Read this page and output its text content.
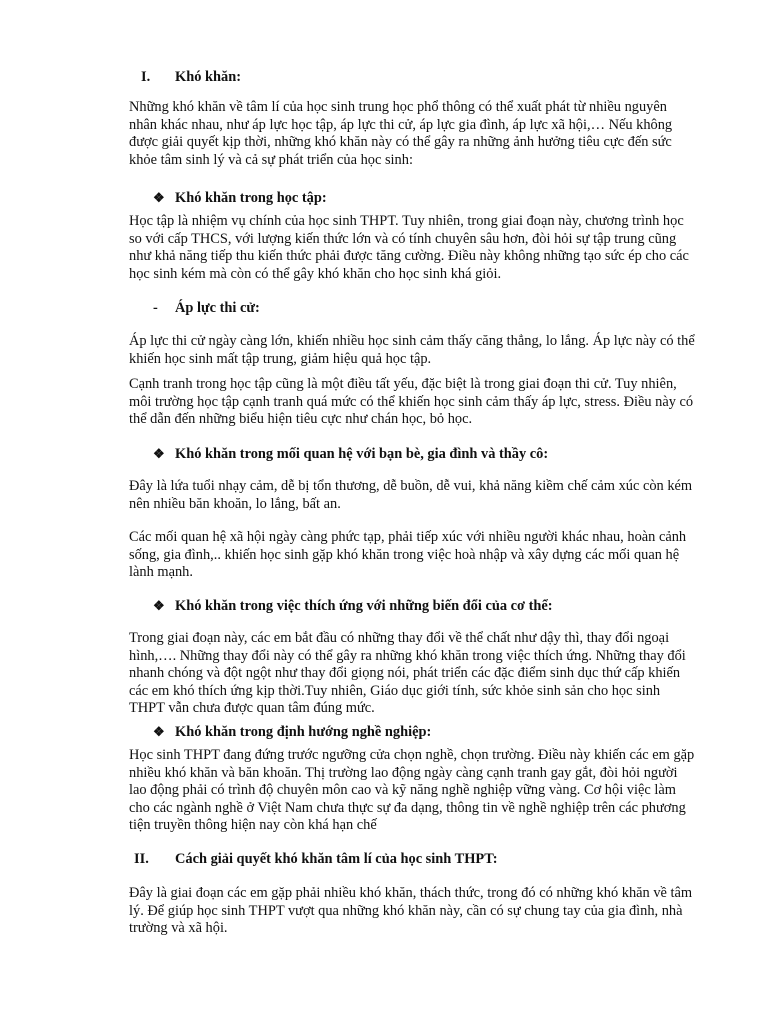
I. Khó khăn:

Những khó khăn về tâm lí của học sinh trung học phổ thông có thể xuất phát từ nhiều nguyên nhân khác nhau, như áp lực học tập, áp lực thi cử, áp lực gia đình, áp lực xã hội,… Nếu không được giải quyết kịp thời, những khó khăn này có thể gây ra những ảnh hưởng tiêu cực đến sức khỏe tâm sinh lý và cả sự phát triển của học sinh:

❖ Khó khăn trong học tập:

Học tập là nhiệm vụ chính của học sinh THPT. Tuy nhiên, trong giai đoạn này, chương trình học so với cấp THCS, với lượng kiến thức lớn và có tính chuyên sâu hơn, đòi hỏi sự tập trung cũng như khả năng tiếp thu kiến thức phải được tăng cường. Điều này không những tạo sức ép cho các học sinh kém mà còn có thể gây khó khăn cho học sinh khá giỏi.

- Áp lực thi cử:

Áp lực thi cử ngày càng lớn, khiến nhiều học sinh cảm thấy căng thẳng, lo lắng. Áp lực này có thể khiến học sinh mất tập trung, giảm hiệu quả học tập.

Cạnh tranh trong học tập cũng là một điều tất yếu, đặc biệt là trong giai đoạn thi cử. Tuy nhiên, môi trường học tập cạnh tranh quá mức có thể khiến học sinh cảm thấy áp lực, stress. Điều này có thể dẫn đến những biểu hiện tiêu cực như chán học, bỏ học.

❖ Khó khăn trong mối quan hệ với bạn bè, gia đình và thầy cô:

Đây là lứa tuổi nhạy cảm, dễ bị tổn thương, dễ buồn, dễ vui, khả năng kiềm chế cảm xúc còn kém nên nhiều băn khoăn, lo lắng, bất an.

Các mối quan hệ xã hội ngày càng phức tạp, phải tiếp xúc với nhiều người khác nhau, hoàn cảnh sống, gia đình,.. khiến học sinh gặp khó khăn trong việc hoà nhập và xây dựng các mối quan hệ lành mạnh.

❖ Khó khăn trong việc thích ứng với những biến đổi của cơ thể:

Trong giai đoạn này, các em bắt đầu có những thay đổi về thể chất như dậy thì, thay đổi ngoại hình,…. Những thay đổi này có thể gây ra những khó khăn trong việc thích ứng. Những thay đổi nhanh chóng và đột ngột như thay đổi giọng nói, phát triển các đặc điểm sinh dục thứ cấp khiến các em khó thích ứng kịp thời.Tuy nhiên, Giáo dục giới tính, sức khỏe sinh sản cho học sinh THPT vẫn chưa được quan tâm đúng mức.

❖ Khó khăn trong định hướng nghề nghiệp:

Học sinh THPT đang đứng trước ngưỡng cửa chọn nghề, chọn trường. Điều này khiến các em gặp nhiều khó khăn và băn khoăn. Thị trường lao động ngày càng cạnh tranh gay gắt, đòi hỏi người lao động phải có trình độ chuyên môn cao và kỹ năng nghề nghiệp vững vàng. Cơ hội việc làm cho các ngành nghề ở Việt Nam chưa thực sự đa dạng, thông tin về nghề nghiệp trên các phương tiện truyền thông hiện nay còn khá hạn chế

II. Cách giải quyết khó khăn tâm lí của học sinh THPT:

Đây là giai đoạn các em gặp phải nhiều khó khăn, thách thức, trong đó có những khó khăn về tâm lý. Để giúp học sinh THPT vượt qua những khó khăn này, cần có sự chung tay của gia đình, nhà trường và xã hội.
